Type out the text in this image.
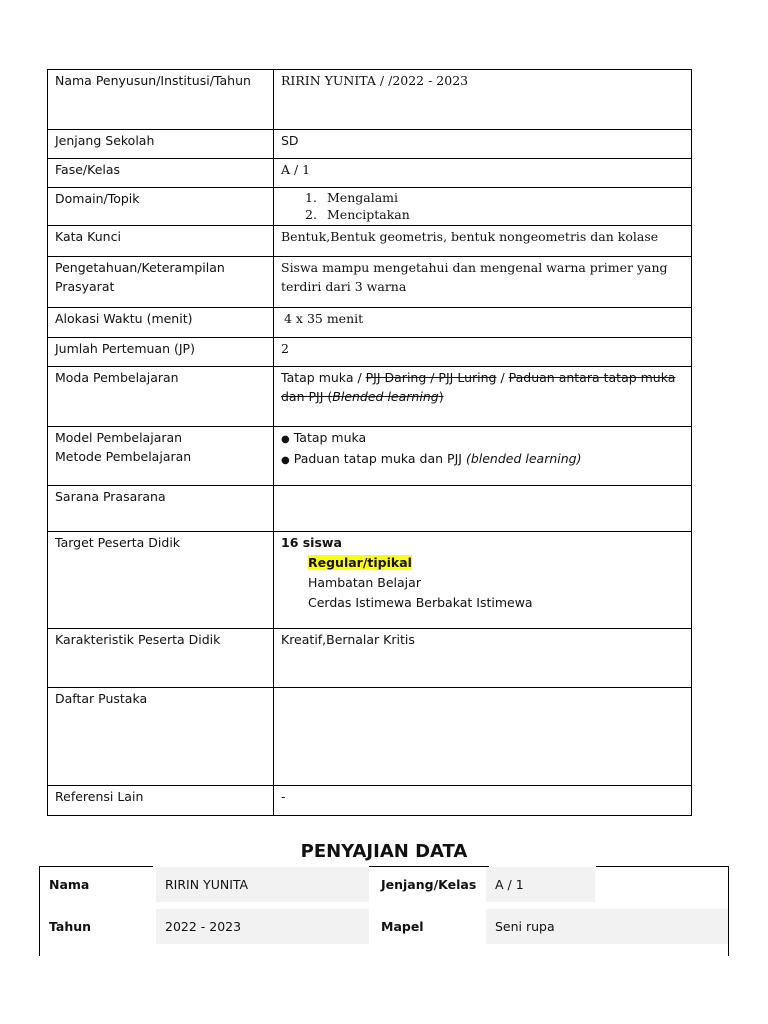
Nama Penyusun/Institusi/Tahun	RIRIN YUNITA / /2022 - 2023
Jenjang Sekolah	SD
Fase/Kelas	A / 1
Domain/Topik	1. Mengalami
2. Menciptakan

Kata Kunci	Bentuk,Bentuk geometris, bentuk nongeometris dan kolase
Pengetahuan/Keterampilan
Prasyarat	Siswa mampu mengetahui dan mengenal warna primer yang terdiri dari 3 warna
Alokasi Waktu (menit)	4 x 35 menit
Jumlah Pertemuan (JP)	2
Moda Pembelajaran	Tatap muka / PJJ Daring / PJJ Luring / Paduan antara tatap muka dan PJJ (Blended learning)
Model Pembelajaran
Metode Pembelajaran	● Tatap muka
● Paduan tatap muka dan PJJ (blended learning)
Sarana Prasarana	
Target Peserta Didik	16 siswa
Regular/tipikal
Hambatan Belajar
Cerdas Istimewa Berbakat Istimewa

Karakteristik Peserta Didik	Kreatif,Bernalar Kritis
Daftar Pustaka	
Referensi Lain	-
PENYAJIAN DATA
Nama	RIRIN YUNITA	Jenjang/Kelas	A / 1
Tahun	2022 - 2023	Mapel	Seni rupa
